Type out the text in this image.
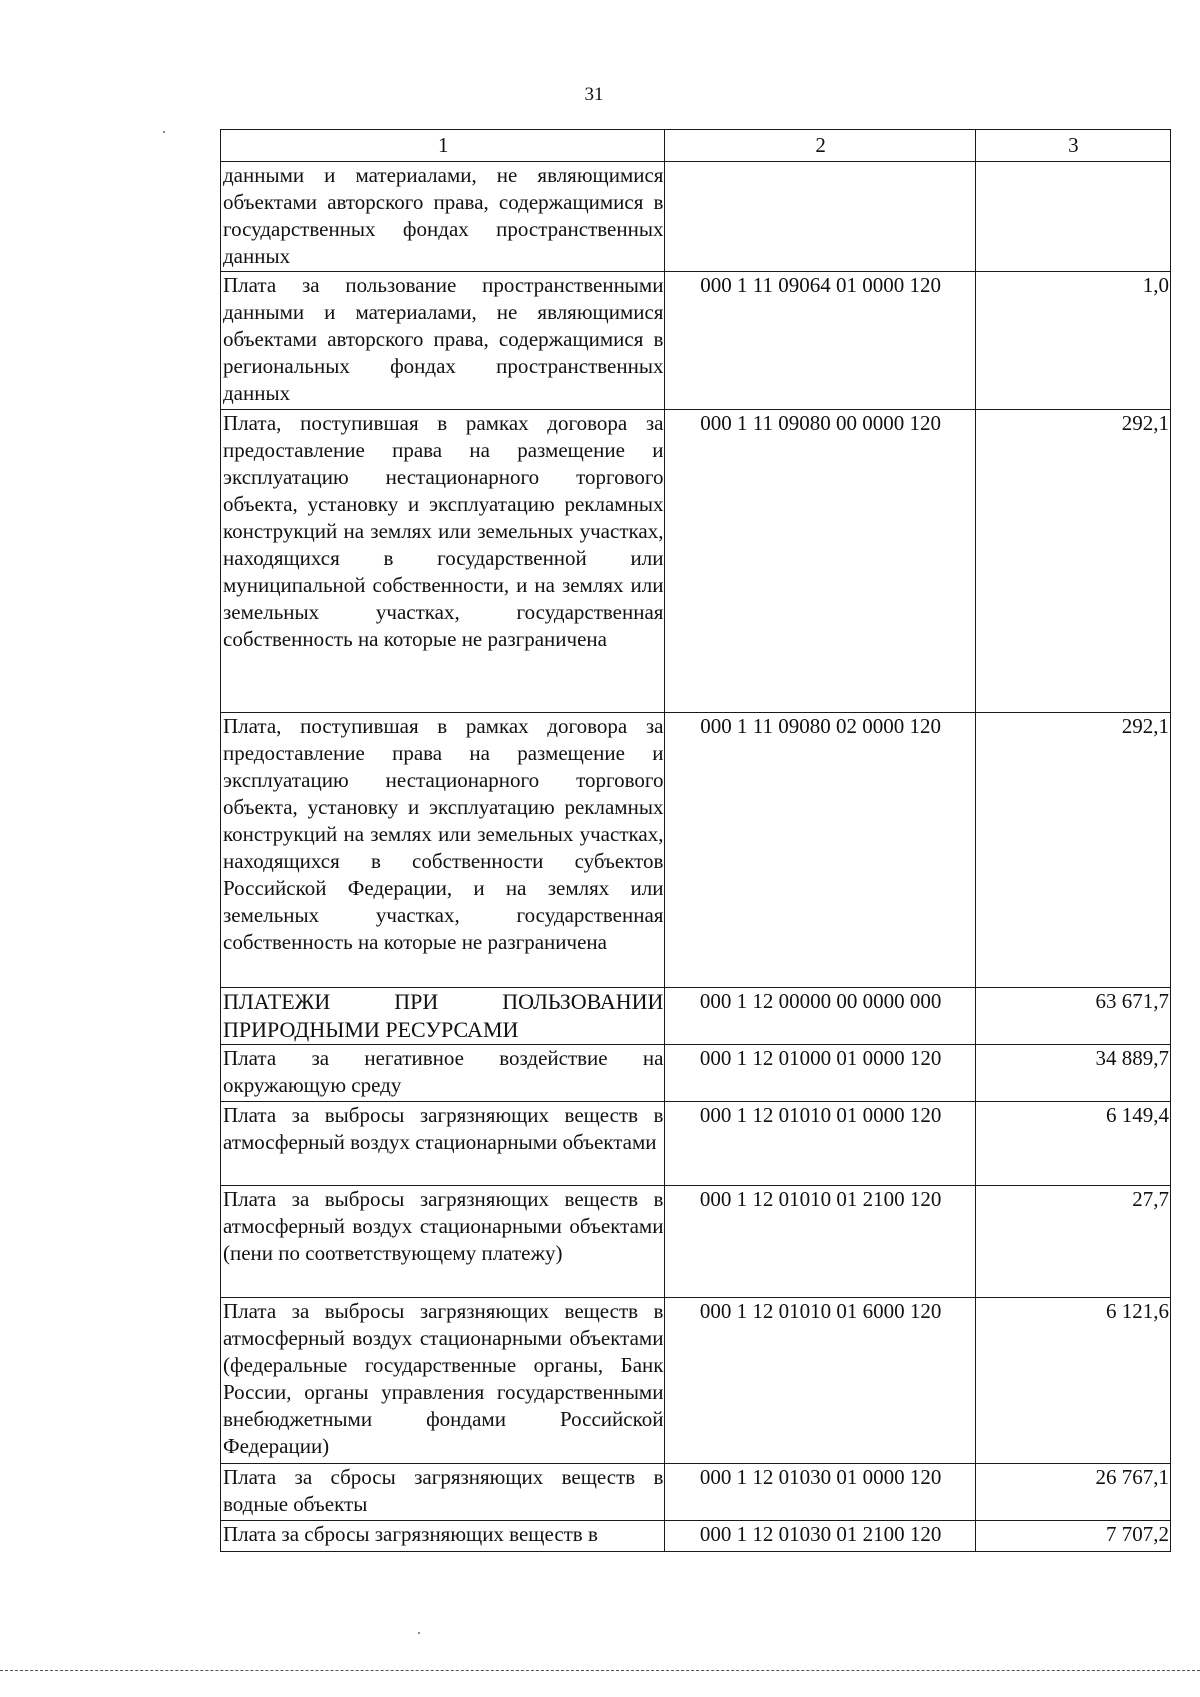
31
1	2	3
данными и материалами, не являющимися объектами авторского права, содержащимися в государственных фондах пространственных данных		
Плата за пользование пространственными данными и материалами, не являющимися объектами авторского права, содержащимися в региональных фондах пространственных данных	000 1 11 09064 01 0000 120	1,0
Плата, поступившая в рамках договора за предоставление права на размещение и эксплуатацию нестационарного торгового объекта, установку и эксплуатацию рекламных конструкций на землях или земельных участках, находящихся в государственной или муниципальной собственности, и на землях или земельных участках, государственная собственность на которые не разграничена	000 1 11 09080 00 0000 120	292,1
Плата, поступившая в рамках договора за предоставление права на размещение и эксплуатацию нестационарного торгового объекта, установку и эксплуатацию рекламных конструкций на землях или земельных участках, находящихся в собственности субъектов Российской Федерации, и на землях или земельных участках, государственная собственность на которые не разграничена	000 1 11 09080 02 0000 120	292,1
ПЛАТЕЖИ ПРИ ПОЛЬЗОВАНИИ ПРИРОДНЫМИ РЕСУРСАМИ	000 1 12 00000 00 0000 000	63 671,7
Плата за негативное воздействие на окружающую среду	000 1 12 01000 01 0000 120	34 889,7
Плата за выбросы загрязняющих веществ в атмосферный воздух стационарными объектами	000 1 12 01010 01 0000 120	6 149,4
Плата за выбросы загрязняющих веществ в атмосферный воздух стационарными объектами (пени по соответствующему платежу)	000 1 12 01010 01 2100 120	27,7
Плата за выбросы загрязняющих веществ в атмосферный воздух стационарными объектами (федеральные государственные органы, Банк России, органы управления государственными внебюджетными фондами Российской Федерации)	000 1 12 01010 01 6000 120	6 121,6
Плата за сбросы загрязняющих веществ в водные объекты	000 1 12 01030 01 0000 120	26 767,1
Плата за сбросы загрязняющих веществ в	000 1 12 01030 01 2100 120	7 707,2
